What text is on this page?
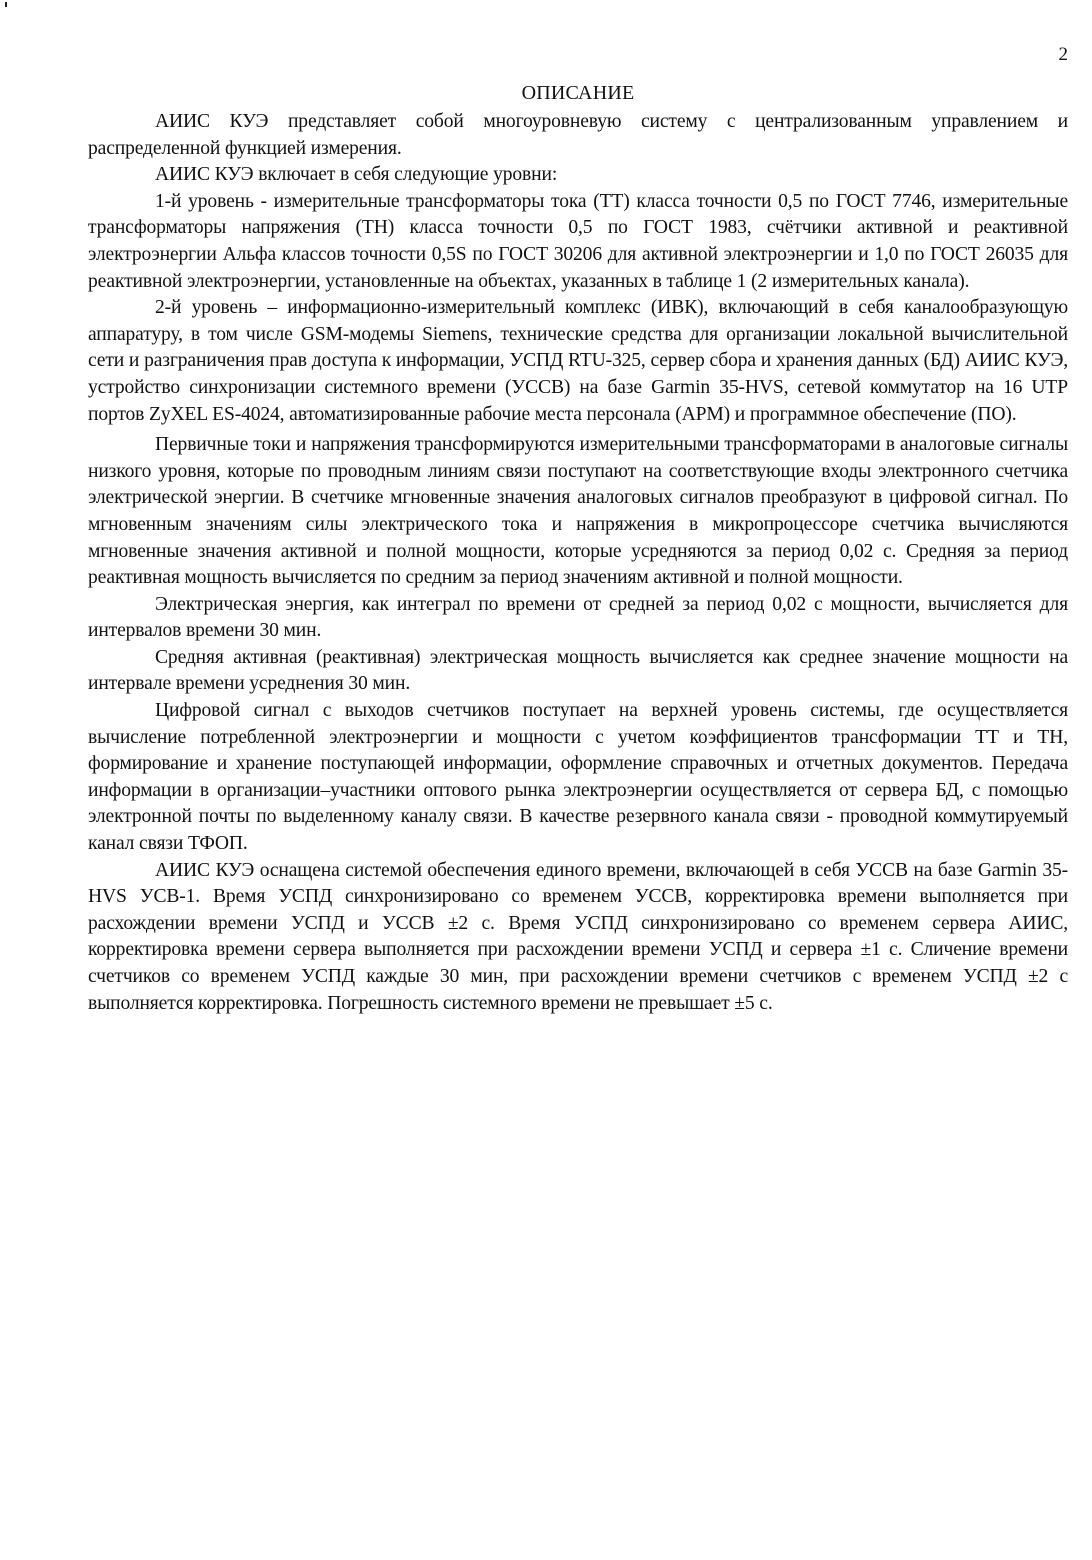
2
ОПИСАНИЕ

АИИС КУЭ представляет собой многоуровневую систему с централизованным управлением и распределенной функцией измерения.

АИИС КУЭ включает в себя следующие уровни:

1-й уровень - измерительные трансформаторы тока (ТТ) класса точности 0,5 по ГОСТ 7746, измерительные трансформаторы напряжения (ТН) класса точности 0,5 по ГОСТ 1983, счётчики активной и реактивной электроэнергии Альфа классов точности 0,5S по ГОСТ 30206 для активной электроэнергии и 1,0 по ГОСТ 26035 для реактивной электроэнергии, установленные на объектах, указанных в таблице 1 (2 измерительных канала).

2-й уровень – информационно-измерительный комплекс (ИВК), включающий в себя каналообразующую аппаратуру, в том числе GSM-модемы Siemens, технические средства для организации локальной вычислительной сети и разграничения прав доступа к информации, УСПД RTU-325, сервер сбора и хранения данных (БД) АИИС КУЭ, устройство синхронизации системного времени (УССВ) на базе Garmin 35-HVS, сетевой коммутатор на 16 UTP портов ZyXEL ES-4024, автоматизированные рабочие места персонала (АРМ) и программное обеспечение (ПО).

Первичные токи и напряжения трансформируются измерительными трансформаторами в аналоговые сигналы низкого уровня, которые по проводным линиям связи поступают на соответствующие входы электронного счетчика электрической энергии. В счетчике мгновенные значения аналоговых сигналов преобразуют в цифровой сигнал. По мгновенным значениям силы электрического тока и напряжения в микропроцессоре счетчика вычисляются мгновенные значения активной и полной мощности, которые усредняются за период 0,02 с. Средняя за период реактивная мощность вычисляется по средним за период значениям активной и полной мощности.

Электрическая энергия, как интеграл по времени от средней за период 0,02 с мощности, вычисляется для интервалов времени 30 мин.

Средняя активная (реактивная) электрическая мощность вычисляется как среднее значение мощности на интервале времени усреднения 30 мин.

Цифровой сигнал с выходов счетчиков поступает на верхней уровень системы, где осуществляется вычисление потребленной электроэнергии и мощности с учетом коэффициентов трансформации ТТ и ТН, формирование и хранение поступающей информации, оформление справочных и отчетных документов. Передача информации в организации–участники оптового рынка электроэнергии осуществляется от сервера БД, с помощью электронной почты по выделенному каналу связи. В качестве резервного канала связи - проводной коммутируемый канал связи ТФОП.

АИИС КУЭ оснащена системой обеспечения единого времени, включающей в себя УССВ на базе Garmin 35-HVS УСВ-1. Время УСПД синхронизировано со временем УССВ, корректировка времени выполняется при расхождении времени УСПД и УССВ ±2 с. Время УСПД синхронизировано со временем сервера АИИС, корректировка времени сервера выполняется при расхождении времени УСПД и сервера ±1 с. Сличение времени счетчиков со временем УСПД каждые 30 мин, при расхождении времени счетчиков с временем УСПД ±2 с выполняется корректировка. Погрешность системного времени не превышает ±5 с.
